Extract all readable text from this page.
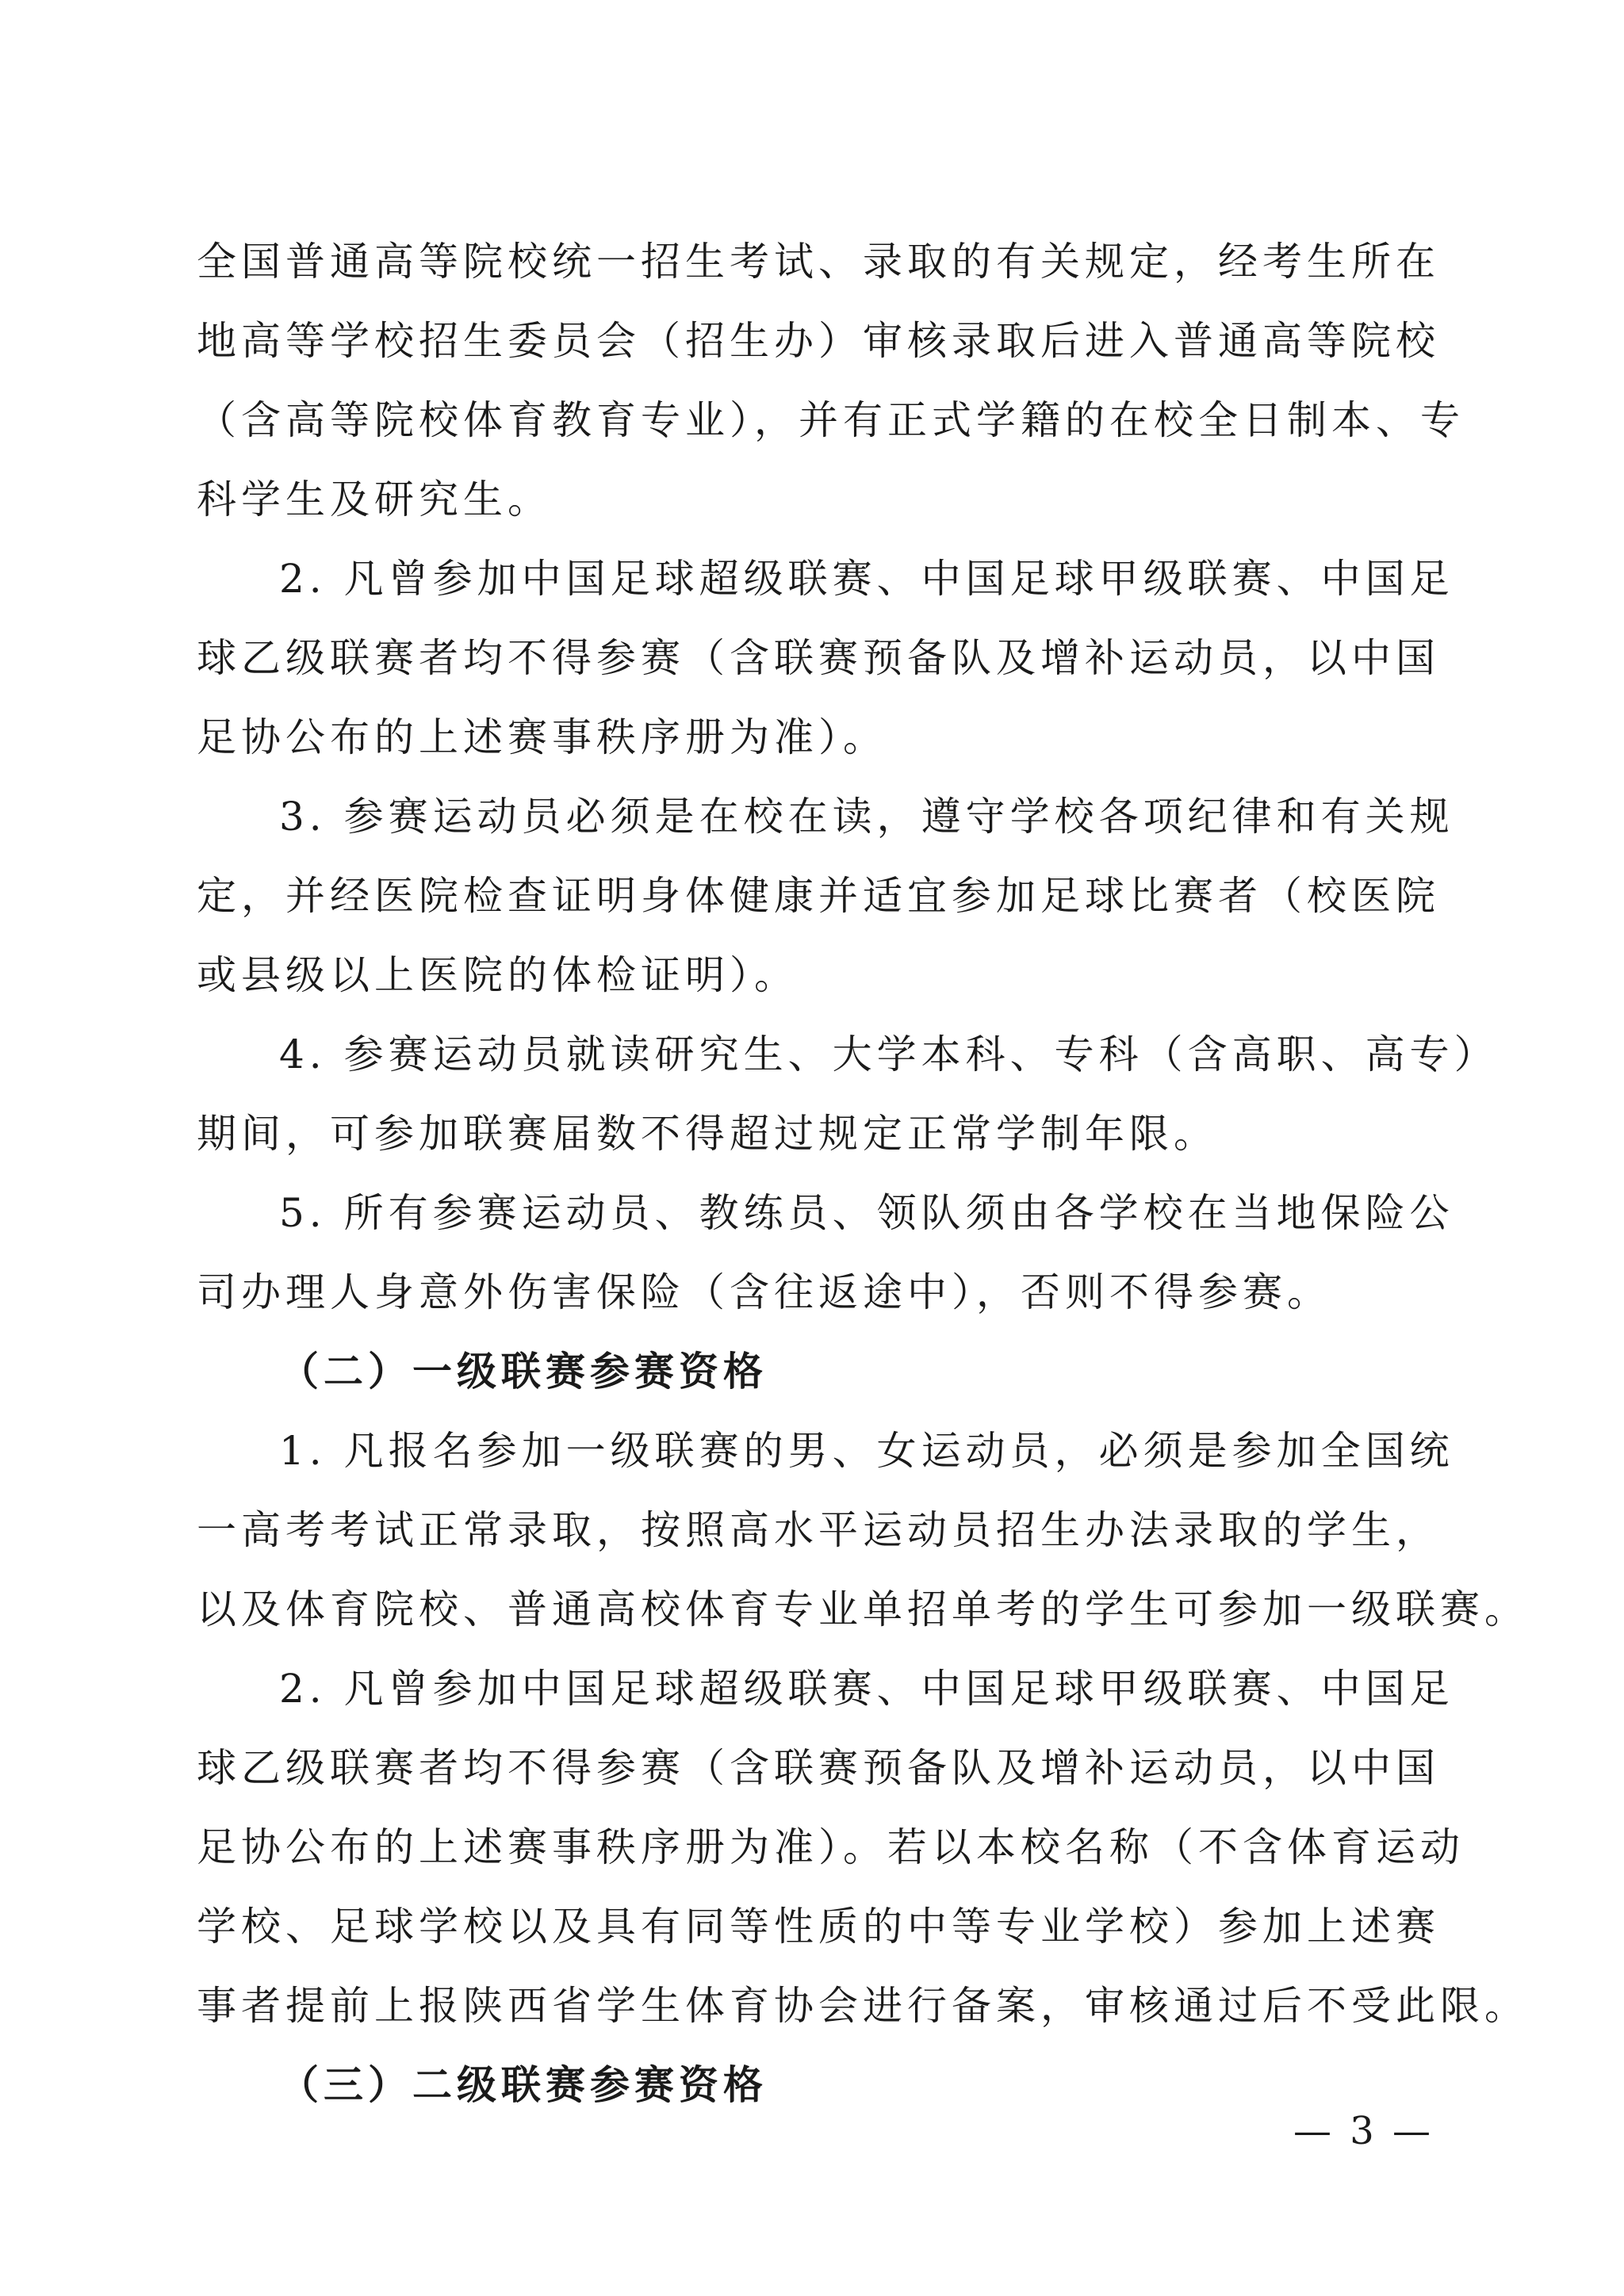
全国普通高等院校统一招生考试、录取的有关规定，经考生所在
地高等学校招生委员会（招生办）审核录取后进入普通高等院校
（含高等院校体育教育专业），并有正式学籍的在校全日制本、专
科学生及研究生。
2. 凡曾参加中国足球超级联赛、中国足球甲级联赛、中国足
球乙级联赛者均不得参赛（含联赛预备队及增补运动员，以中国
足协公布的上述赛事秩序册为准）。
3. 参赛运动员必须是在校在读，遵守学校各项纪律和有关规
定，并经医院检查证明身体健康并适宜参加足球比赛者（校医院
或县级以上医院的体检证明）。
4. 参赛运动员就读研究生、大学本科、专科（含高职、高专）
期间，可参加联赛届数不得超过规定正常学制年限。
5. 所有参赛运动员、教练员、领队须由各学校在当地保险公
司办理人身意外伤害保险（含往返途中），否则不得参赛。
（二）一级联赛参赛资格
1. 凡报名参加一级联赛的男、女运动员，必须是参加全国统
一高考考试正常录取，按照高水平运动员招生办法录取的学生，
以及体育院校、普通高校体育专业单招单考的学生可参加一级联赛。
2. 凡曾参加中国足球超级联赛、中国足球甲级联赛、中国足
球乙级联赛者均不得参赛（含联赛预备队及增补运动员，以中国
足协公布的上述赛事秩序册为准）。若以本校名称（不含体育运动
学校、足球学校以及具有同等性质的中等专业学校）参加上述赛
事者提前上报陕西省学生体育协会进行备案，审核通过后不受此限。
（三）二级联赛参赛资格
— 3 —
